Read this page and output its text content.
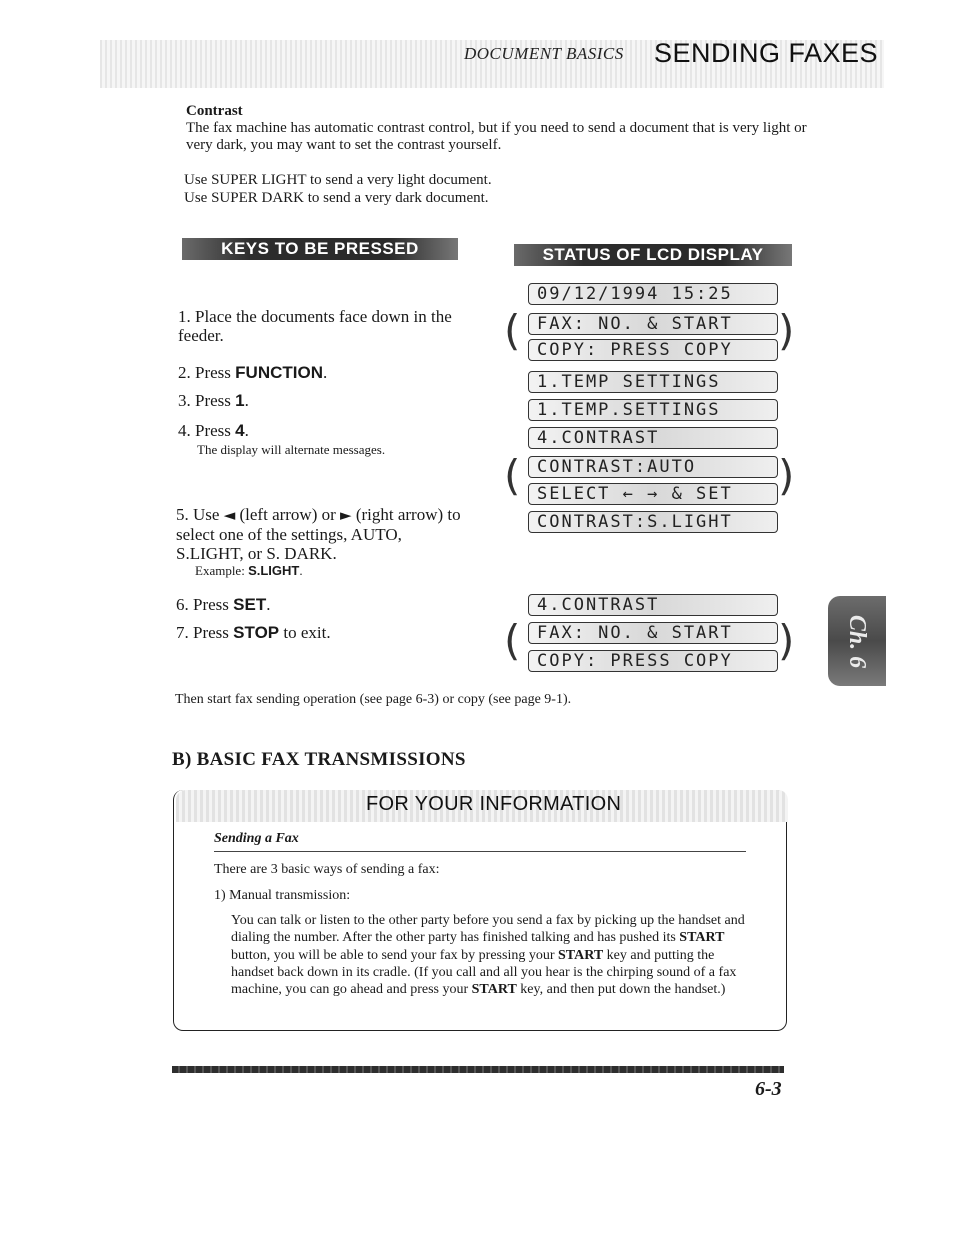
DOCUMENT BASICS SENDING FAXES
Contrast
The fax machine has automatic contrast control, but if you need to send a document that is very light or very dark, you may want to set the contrast yourself.
Use SUPER LIGHT to send a very light document.
Use SUPER DARK to send a very dark document.
KEYS TO BE PRESSED	STATUS OF LCD DISPLAY
1. Place the documents face down in the feeder.
2. Press FUNCTION.
3. Press 1.
4. Press 4.
The display will alternate messages.
5. Use ◄ (left arrow) or ► (right arrow) to select one of the settings, AUTO, S.LIGHT, or S. DARK.
Example: S.LIGHT.
6. Press SET.
7. Press STOP to exit.
09/12/1994 15:25
( FAX: NO. & START
COPY: PRESS COPY	)
1.TEMP SETTINGS
1.TEMP.SETTINGS
4.CONTRAST
( CONTRAST:AUTO
SELECT ← → & SET	)
CONTRAST:S.LIGHT
4.CONTRAST
( FAX: NO. & START
COPY: PRESS COPY	) Ch. 6
Then start fax sending operation (see page 6-3) or copy (see page 9-1).
B) BASIC FAX TRANSMISSIONS
FOR YOUR INFORMATION
Sending a Fax
There are 3 basic ways of sending a fax:
1) Manual transmission:
You can talk or listen to the other party before you send a fax by picking up the handset and dialing the number. After the other party has finished talking and has pushed its START button, you will be able to send your fax by pressing your START key and putting the handset back down in its cradle. (If you call and all you hear is the chirping sound of a fax machine, you can go ahead and press your START key, and then put down the handset.)
6-3
